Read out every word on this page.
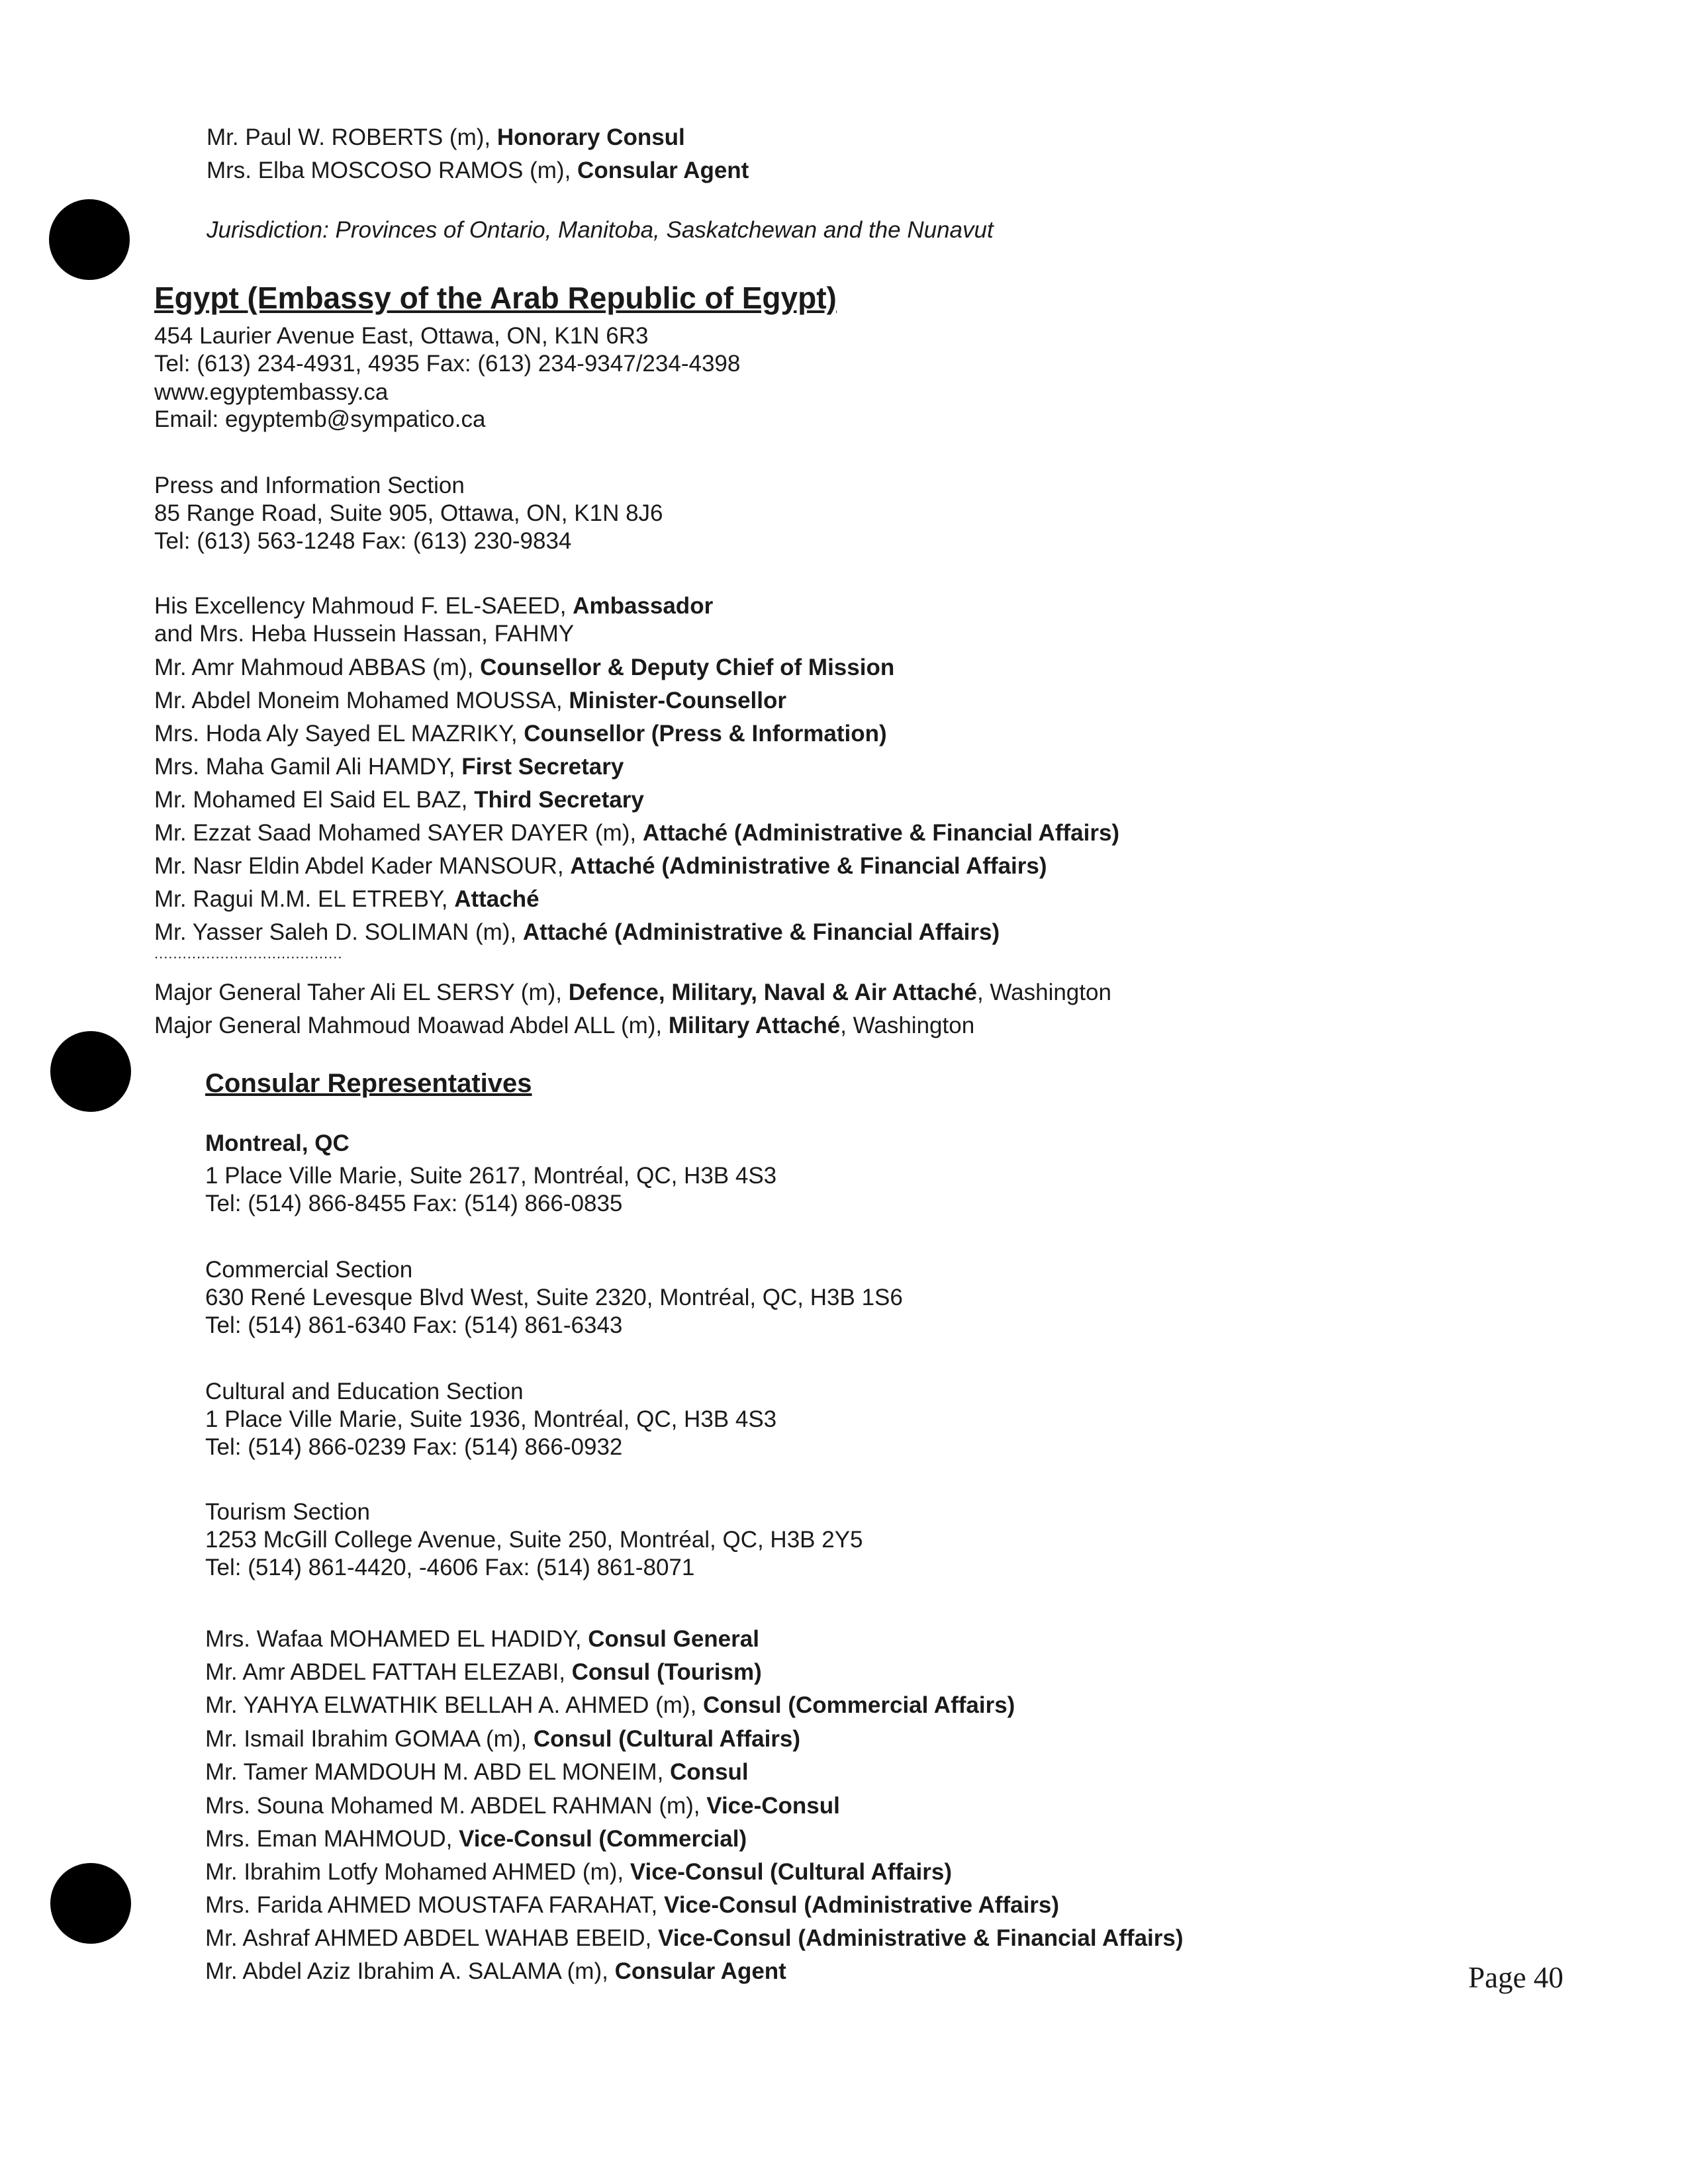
Mr. Paul W. ROBERTS (m), Honorary Consul
Mrs. Elba MOSCOSO RAMOS (m), Consular Agent
Jurisdiction: Provinces of Ontario, Manitoba, Saskatchewan and the Nunavut
Egypt (Embassy of the Arab Republic of Egypt)
454 Laurier Avenue East, Ottawa, ON, K1N 6R3
Tel: (613) 234-4931, 4935 Fax: (613) 234-9347/234-4398
www.egyptembassy.ca
Email: egyptemb@sympatico.ca
Press and Information Section
85 Range Road, Suite 905, Ottawa, ON, K1N 8J6
Tel: (613) 563-1248 Fax: (613) 230-9834
His Excellency Mahmoud F. EL-SAEED, Ambassador
and Mrs. Heba Hussein Hassan, FAHMY
Mr. Amr Mahmoud ABBAS (m), Counsellor & Deputy Chief of Mission
Mr. Abdel Moneim Mohamed MOUSSA, Minister-Counsellor
Mrs. Hoda Aly Sayed EL MAZRIKY, Counsellor (Press & Information)
Mrs. Maha Gamil Ali HAMDY, First Secretary
Mr. Mohamed El Said EL BAZ, Third Secretary
Mr. Ezzat Saad Mohamed SAYER DAYER (m), Attaché (Administrative & Financial Affairs)
Mr. Nasr Eldin Abdel Kader MANSOUR, Attaché (Administrative & Financial Affairs)
Mr. Ragui M.M. EL ETREBY, Attaché
Mr. Yasser Saleh D. SOLIMAN (m), Attaché (Administrative & Financial Affairs)
........................................
Major General Taher Ali EL SERSY (m), Defence, Military, Naval & Air Attaché, Washington
Major General Mahmoud Moawad Abdel ALL (m), Military Attaché, Washington
Consular Representatives
Montreal, QC
1 Place Ville Marie, Suite 2617, Montréal, QC, H3B 4S3
Tel: (514) 866-8455 Fax: (514) 866-0835
Commercial Section
630 René Levesque Blvd West, Suite 2320, Montréal, QC, H3B 1S6
Tel: (514) 861-6340 Fax: (514) 861-6343
Cultural and Education Section
1 Place Ville Marie, Suite 1936, Montréal, QC, H3B 4S3
Tel: (514) 866-0239 Fax: (514) 866-0932
Tourism Section
1253 McGill College Avenue, Suite 250, Montréal, QC, H3B 2Y5
Tel: (514) 861-4420, -4606 Fax: (514) 861-8071
Mrs. Wafaa MOHAMED EL HADIDY, Consul General
Mr. Amr ABDEL FATTAH ELEZABI, Consul (Tourism)
Mr. YAHYA ELWATHIK BELLAH A. AHMED (m), Consul (Commercial Affairs)
Mr. Ismail Ibrahim GOMAA (m), Consul (Cultural Affairs)
Mr. Tamer MAMDOUH M. ABD EL MONEIM, Consul
Mrs. Souna Mohamed M. ABDEL RAHMAN (m), Vice-Consul
Mrs. Eman MAHMOUD, Vice-Consul (Commercial)
Mr. Ibrahim Lotfy Mohamed AHMED (m), Vice-Consul (Cultural Affairs)
Mrs. Farida AHMED MOUSTAFA FARAHAT, Vice-Consul (Administrative Affairs)
Mr. Ashraf AHMED ABDEL WAHAB EBEID, Vice-Consul (Administrative & Financial Affairs)
Mr. Abdel Aziz Ibrahim A. SALAMA (m), Consular Agent	Page 40
